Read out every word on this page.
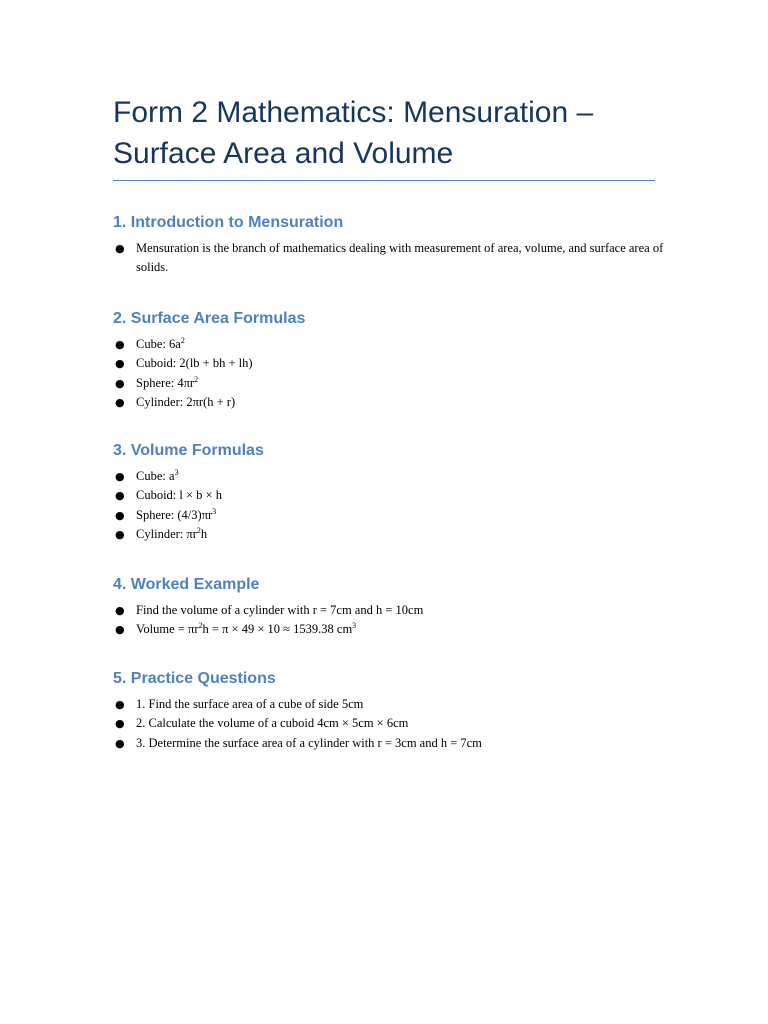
Form 2 Mathematics: Mensuration – Surface Area and Volume
1. Introduction to Mensuration
● Mensuration is the branch of mathematics dealing with measurement of area, volume, and surface area of solids.
2. Surface Area Formulas
● Cube: $6a^2$
● Cuboid: 2(lb + bh + lh)
● Sphere: $4\pi r^2$
● Cylinder: 2πr(h + r)
3. Volume Formulas
● Cube: $a^3$
● Cuboid: l × b × h
● Sphere: $(4/3)\pi r^3$
● Cylinder: $\pi r^2h$
4. Worked Example
● Find the volume of a cylinder with r = 7cm and h = 10cm
● Volume = $\pi r^2h = \pi \times 49 \times 10 \approx 1539.38$ $cm^3$
5. Practice Questions
● 1. Find the surface area of a cube of side 5cm
● 2. Calculate the volume of a cuboid 4cm × 5cm × 6cm
● 3. Determine the surface area of a cylinder with r = 3cm and h = 7cm
